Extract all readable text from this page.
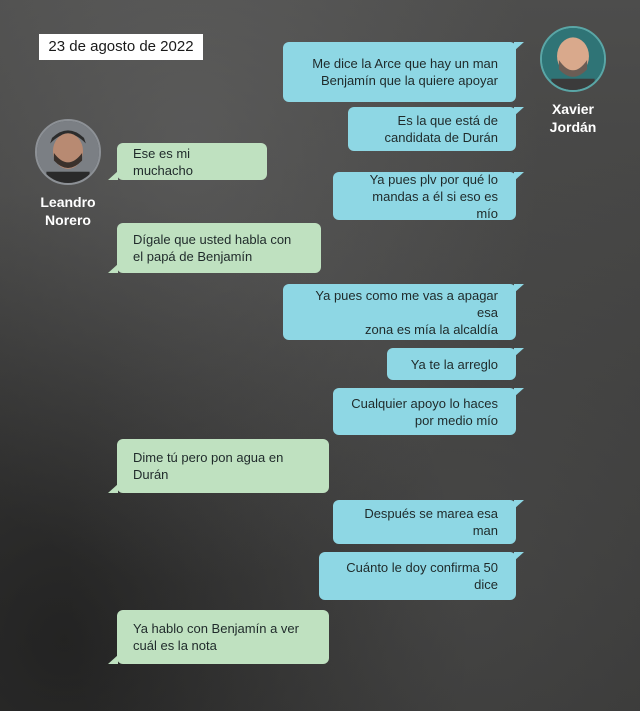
23 de agosto de 2022
Xavier
Jordán
Leandro
Norero
Me dice la Arce que hay un man
Benjamín que la quiere apoyar
Es la que está de
candidata de Durán
Ese es mi muchacho
Ya pues plv por qué lo
mandas a él si eso es mío
Dígale que usted habla con
el papá de Benjamín
Ya pues como me vas a apagar esa
zona es mía la alcaldía
Ya te la arreglo
Cualquier apoyo lo haces
por medio mío
Dime tú pero pon agua en Durán
Después se marea esa man
Cuánto le doy confirma 50 dice
Ya hablo con Benjamín a ver
cuál es la nota
